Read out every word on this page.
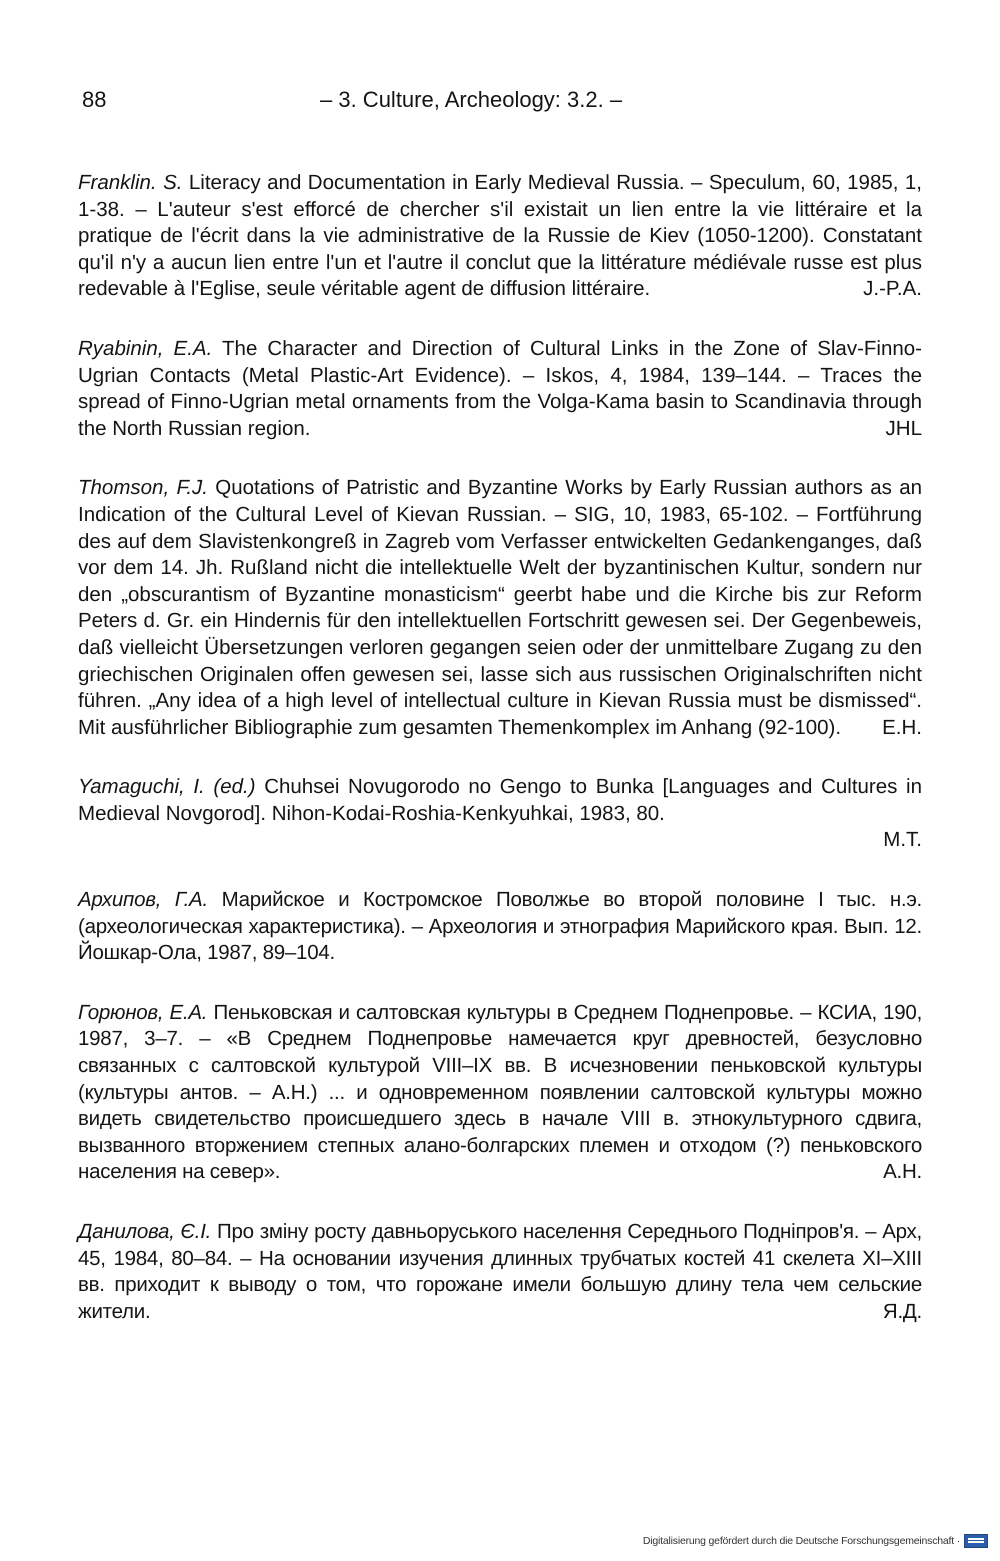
88	– 3. Culture, Archeology: 3.2. –

Franklin. S. Literacy and Documentation in Early Medieval Russia. – Speculum, 60, 1985, 1, 1-38. – L'auteur s'est efforcé de chercher s'il existait un lien entre la vie littéraire et la pratique de l'écrit dans la vie administrative de la Russie de Kiev (1050-1200). Constatant qu'il n'y a aucun lien entre l'un et l'autre il conclut que la littérature médiévale russe est plus redevable à l'Eglise, seule véritable agent de diffusion littéraire.	J.-P.A.

Ryabinin, E.A. The Character and Direction of Cultural Links in the Zone of Slav-Finno-Ugrian Contacts (Metal Plastic-Art Evidence). – Iskos, 4, 1984, 139–144. – Traces the spread of Finno-Ugrian metal ornaments from the Volga-Kama basin to Scandinavia through the North Russian region.	JHL

Thomson, F.J. Quotations of Patristic and Byzantine Works by Early Russian authors as an Indication of the Cultural Level of Kievan Russian. – SIG, 10, 1983, 65-102. – Fortführung des auf dem Slavistenkongreß in Zagreb vom Verfasser entwickelten Gedankenganges, daß vor dem 14. Jh. Rußland nicht die intellektuelle Welt der byzantinischen Kultur, sondern nur den „obscurantism of Byzantine monasticism“ geerbt habe und die Kirche bis zur Reform Peters d. Gr. ein Hindernis für den intellektuellen Fortschritt gewesen sei. Der Gegenbeweis, daß vielleicht Übersetzungen verloren gegangen seien oder der unmittelbare Zugang zu den griechischen Originalen offen gewesen sei, lasse sich aus russischen Originalschriften nicht führen. „Any idea of a high level of intellectual culture in Kievan Russia must be dismissed“. Mit ausführlicher Bibliographie zum gesamten Themenkomplex im Anhang (92-100). E.H.

Yamaguchi, I. (ed.) Chuhsei Novugorodo no Gengo to Bunka [Languages and Cultures in Medieval Novgorod]. Nihon-Kodai-Roshia-Kenkyuhkai, 1983, 80.
M.T.

Архипов, Г.А. Марийское и Костромское Поволжье во второй половине I тыс. н.э. (археологическая характеристика). – Археология и этнография Марийского края. Вып. 12. Йошкар-Ола, 1987, 89–104.

Горюнов, Е.А. Пеньковская и салтовская культуры в Среднем Поднепровье. – КСИА, 190, 1987, 3–7. – «В Среднем Поднепровье намечается круг древностей, безусловно связанных с салтовской культурой VIII–IX вв. В исчезновении пеньковской культуры (культуры антов. – А.Н.) ... и одновременном появлении салтовской культуры можно видеть свидетельство происшедшего здесь в начале VIII в. этнокультурного сдвига, вызванного вторжением степных алано-болгарских племен и отходом (?) пеньковского населения на север».	А.Н.

Данилова, Є.І. Про зміну росту давньоруського населення Середнього Подніпров'я. – Арх, 45, 1984, 80–84. – На основании изучения длинных трубчатых костей 41 скелета XI–XIII вв. приходит к выводу о том, что горожане имели большую длину тела чем сельские жители.	Я.Д.

Digitalisierung gefördert durch die Deutsche Forschungsgemeinschaft ·
